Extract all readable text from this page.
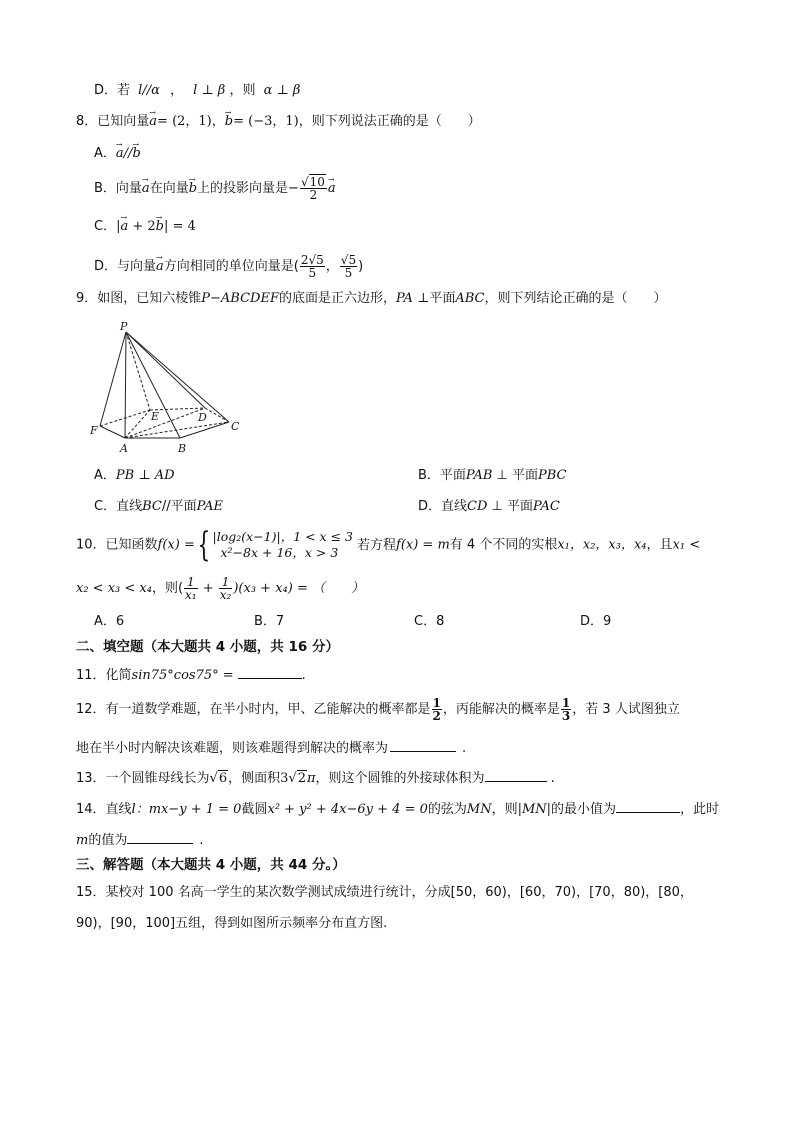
D．若 l//α ， l ⊥ β ，则 α ⊥ β
8．已知向量a →= (2，1)，b →= (−3，1)，则下列说法正确的是（　　）
A．a →//b →
B．向量a →在向量b →上的投影向量是− $\frac{√10}{2}$ a →
C．|a → + 2b →| = 4
D．与向量a →方向相同的单位向量是( $\frac{2√5}{5}$ ， $\frac{√5}{5}$ )
9．如图，已知六棱锥P−ABCDEF的底面是正六边形，PA ⊥平面ABC，则下列结论正确的是（　　）
P
E	D
C
F
A	B
A．PB ⊥ AD	B．平面PAB ⊥ 平面PBC
C．直线BC//平面PAE	D．直线CD ⊥ 平面PAC
10．已知函数f(x) ={ |log₂(x−1)|，1 < x ≤ 3
x²−8x + 16，x > 3	若方程f(x) = m有 4 个不同的实根x₁，x₂，x₃，x₄，且x₁ <
x₂ < x₃ < x₄，则( $\frac{1}{\text{x₁}} + \frac{1}{\text{x₂}} )(x_3 + x_4)$ = （　　）
A．6	B．7	C．8	D．9
二、填空题（本大题共 4 小题，共 16 分）
11．化简sin75°cos75° =	.
12．有一道数学难题，在半小时内，甲、乙能解决的概率都是 $\frac{1}{2}$ ，丙能解决的概率是 $\frac{1}{3}$ ，若 3 人试图独立
地在半小时内解决该难题，则该难题得到解决的概率为	.
13．一个圆锥母线长为√6，侧面积3√2π，则这个圆锥的外接球体积为	.
14．直线l：mx−y + 1 = 0截圆x² + y² + 4x−6y + 4 = 0的弦为MN，则|MN|的最小值为	，此时
m的值为	.
三、解答题（本大题共 4 小题，共 44 分。）
15．某校对 100 名高一学生的某次数学测试成绩进行统计，分成[50，60)，[60，70)，[70，80)，[80，
90)，[90，100]五组，得到如图所示频率分布直方图.
